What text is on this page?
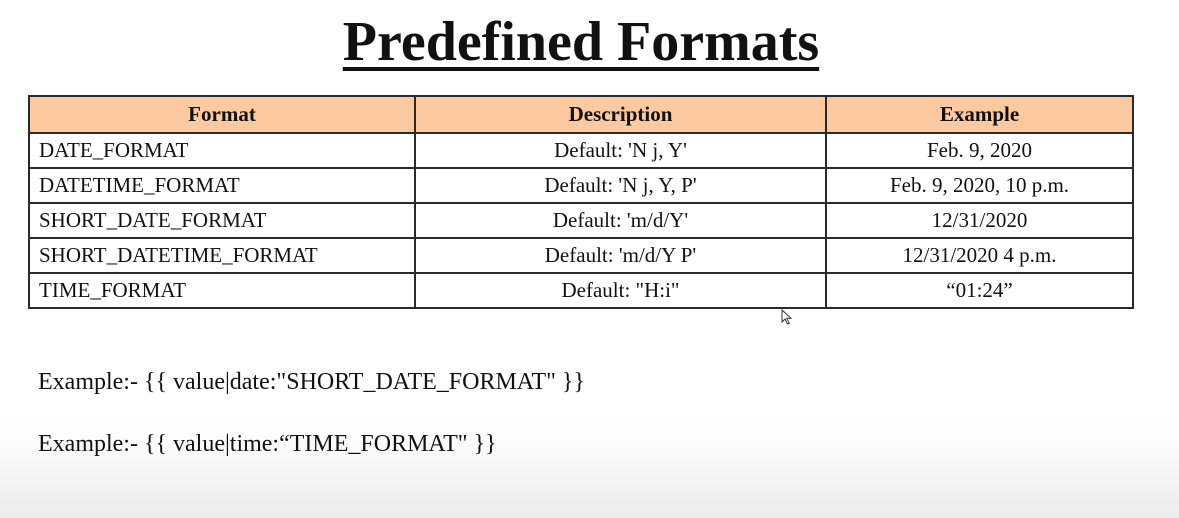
Predefined Formats
Format	Description	Example
DATE_FORMAT	Default: 'N j, Y'	Feb. 9, 2020
DATETIME_FORMAT	Default: 'N j, Y, P'	Feb. 9, 2020, 10 p.m.
SHORT_DATE_FORMAT	Default: 'm/d/Y'	12/31/2020
SHORT_DATETIME_FORMAT	Default: 'm/d/Y P'	12/31/2020 4 p.m.
TIME_FORMAT	Default: "H:i"	“01:24”

Example:- {{ value|date:"SHORT_DATE_FORMAT" }}

Example:- {{ value|time:“TIME_FORMAT" }}
